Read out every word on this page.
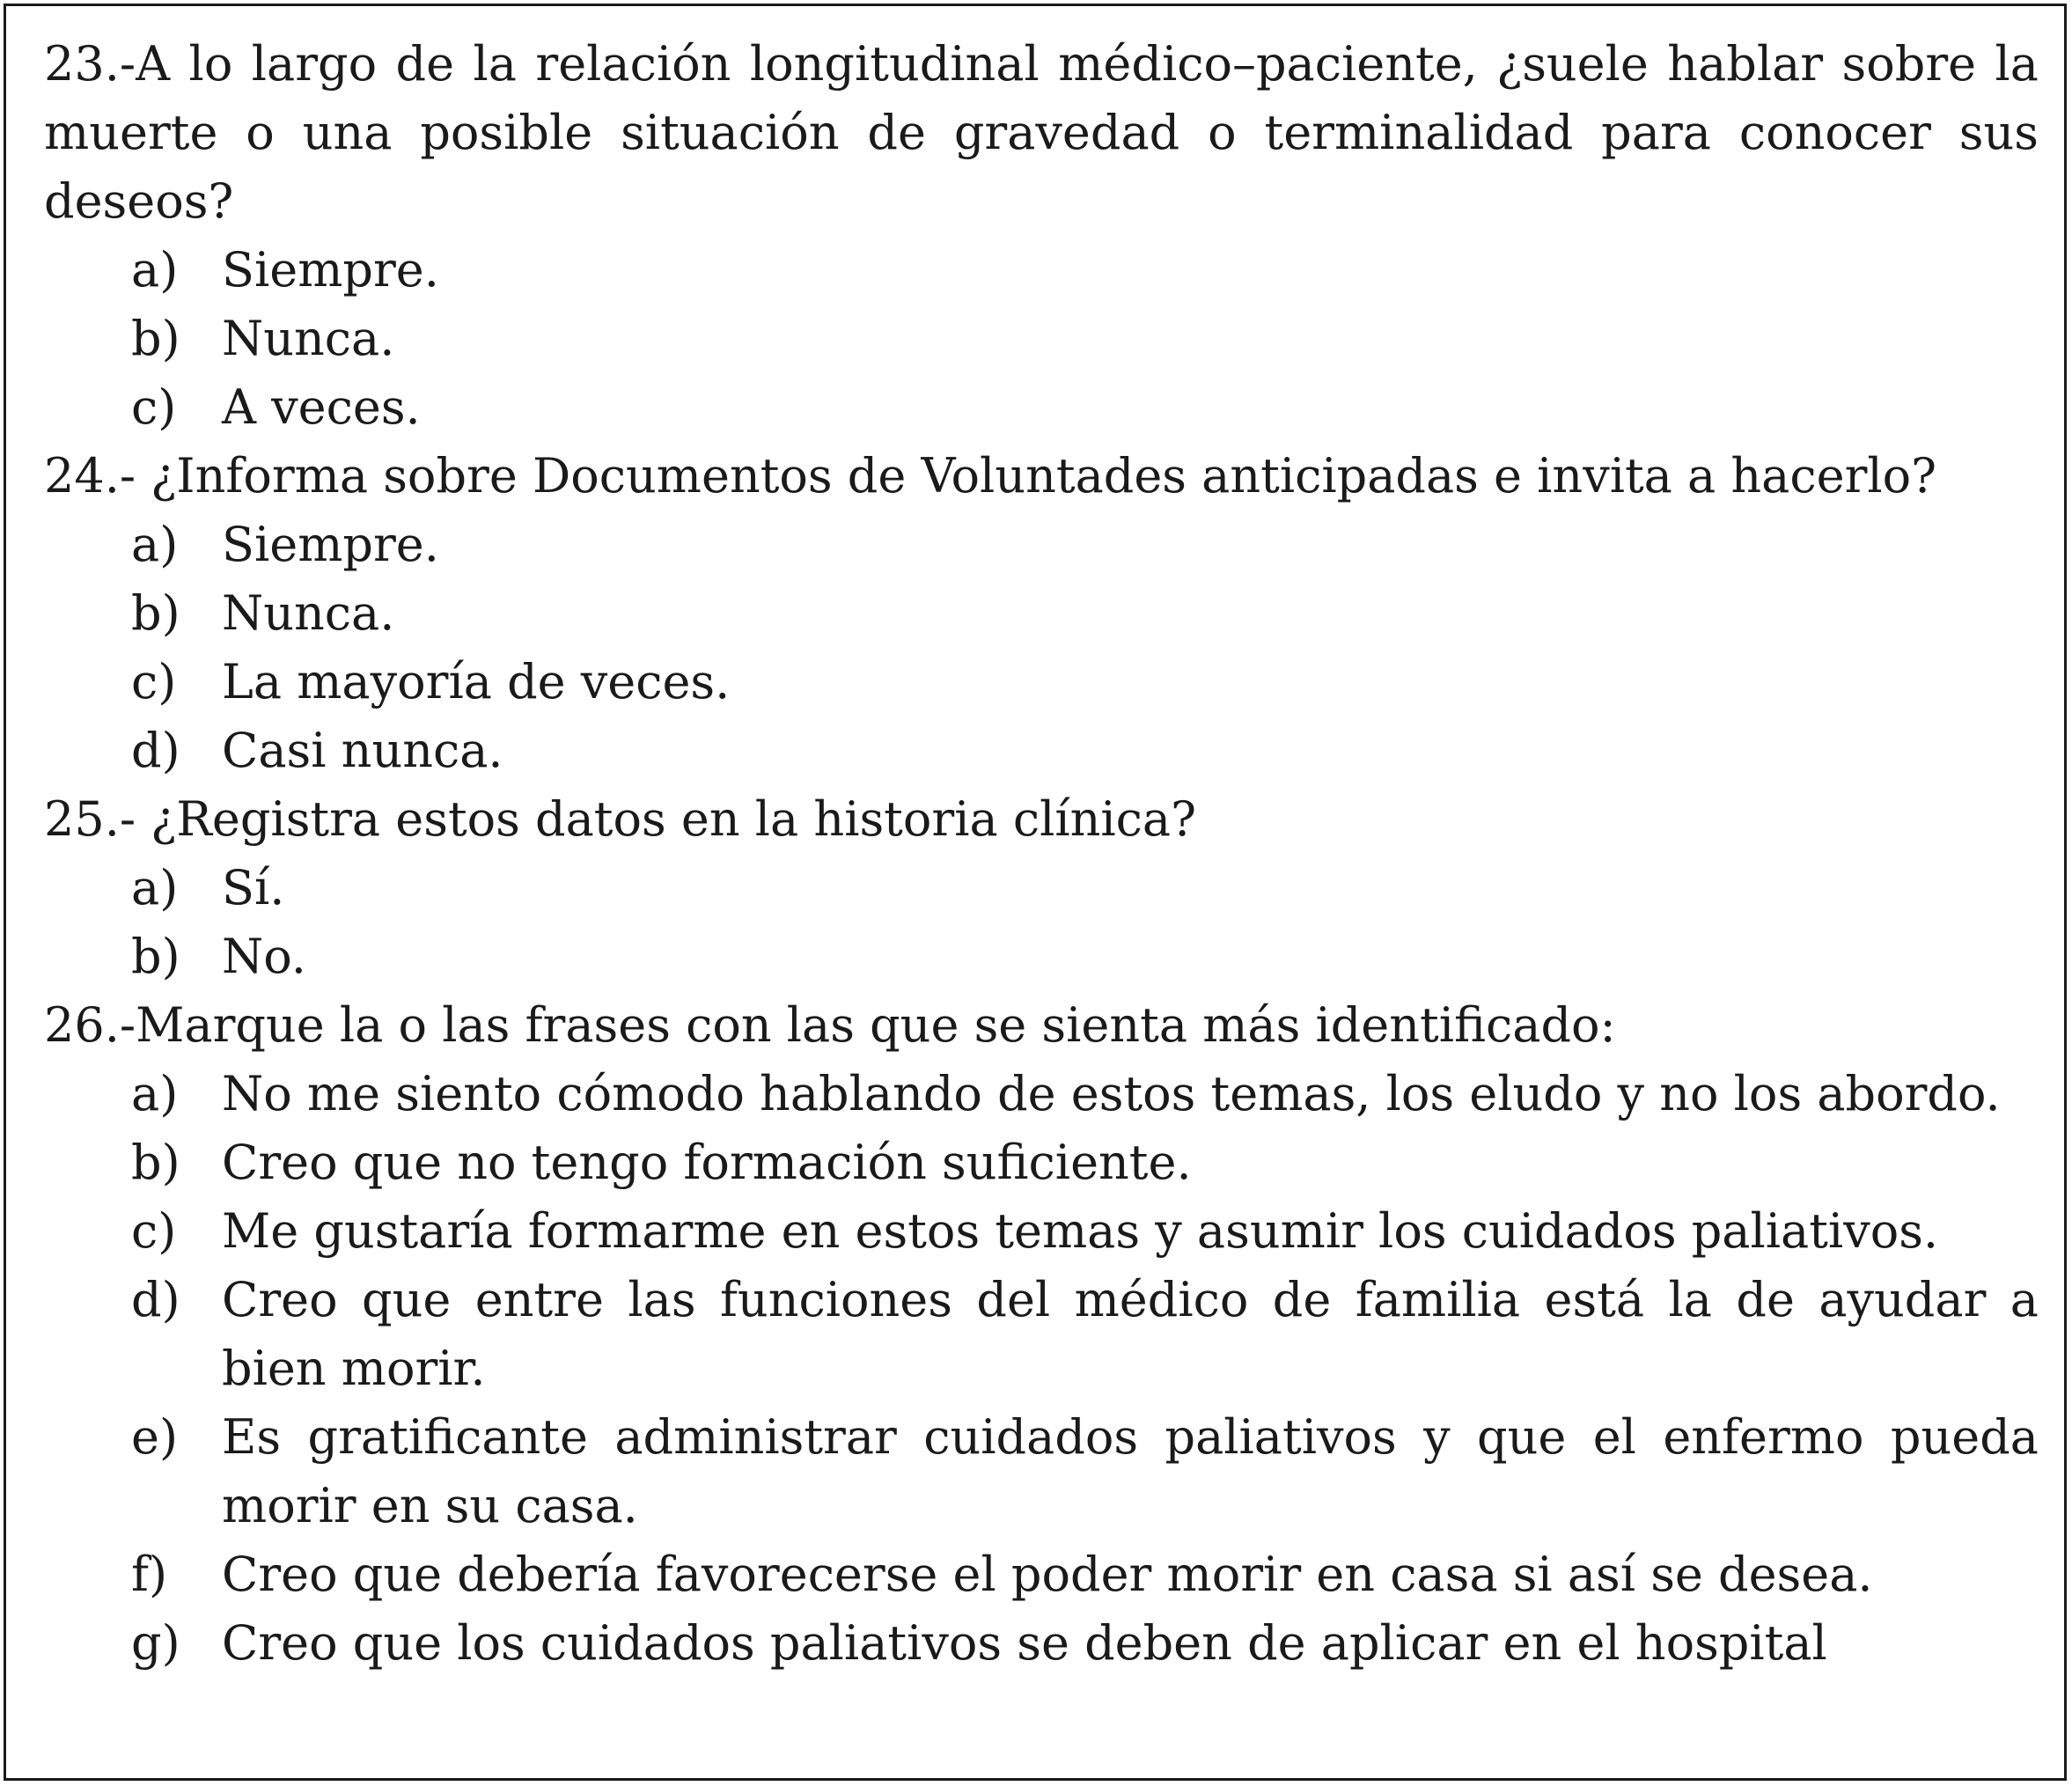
23.-A lo largo de la relación longitudinal médico–paciente, ¿suele hablar sobre la muerte o una posible situación de gravedad o terminalidad para conocer sus deseos?

a) Siempre.
b) Nunca.
c) A veces.

24.- ¿Informa sobre Documentos de Voluntades anticipadas e invita a hacerlo?

a) Siempre.
b) Nunca.
c) La mayoría de veces.
d) Casi nunca.

25.- ¿Registra estos datos en la historia clínica?

a) Sí.
b) No.

26.-Marque la o las frases con las que se sienta más identificado:

a) No me siento cómodo hablando de estos temas, los eludo y no los abordo.
b) Creo que no tengo formación suficiente.
c) Me gustaría formarme en estos temas y asumir los cuidados paliativos.
d) Creo que entre las funciones del médico de familia está la de ayudar a bien morir.
e) Es gratificante administrar cuidados paliativos y que el enfermo pueda morir en su casa.
f) Creo que debería favorecerse el poder morir en casa si así se desea.
g) Creo que los cuidados paliativos se deben de aplicar en el hospital
